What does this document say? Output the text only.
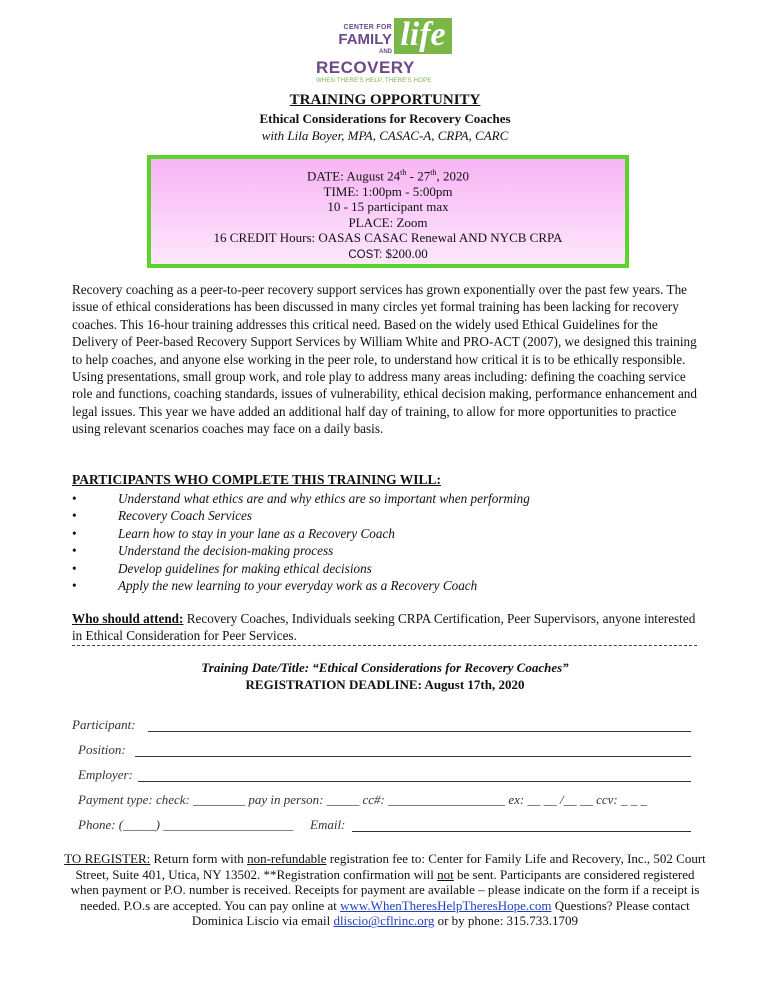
CENTER FOR
FAMILY
AND life
RECOVERY
WHEN THERE'S HELP, THERE'S HOPE
TRAINING OPPORTUNITY
Ethical Considerations for Recovery Coaches
with Lila Boyer, MPA, CASAC-A, CRPA, CARC
DATE: August 24th - 27th, 2020
TIME: 1:00pm - 5:00pm
10 - 15 participant max
PLACE: Zoom
16 CREDIT Hours: OASAS CASAC Renewal AND NYCB CRPA
COST: $200.00
Recovery coaching as a peer-to-peer recovery support services has grown exponentially over the past few years. The issue of ethical considerations has been discussed in many circles yet formal training has been lacking for recovery coaches. This 16-hour training addresses this critical need. Based on the widely used Ethical Guidelines for the Delivery of Peer-based Recovery Support Services by William White and PRO-ACT (2007), we designed this training to help coaches, and anyone else working in the peer role, to understand how critical it is to be ethically responsible. Using presentations, small group work, and role play to address many areas including: defining the coaching service role and functions, coaching standards, issues of vulnerability, ethical decision making, performance enhancement and legal issues. This year we have added an additional half day of training, to allow for more opportunities to practice using relevant scenarios coaches may face on a daily basis.
PARTICIPANTS WHO COMPLETE THIS TRAINING WILL:
•	Understand what ethics are and why ethics are so important when performing
•	Recovery Coach Services
•	Learn how to stay in your lane as a Recovery Coach
•	Understand the decision-making process
•	Develop guidelines for making ethical decisions
•	Apply the new learning to your everyday work as a Recovery Coach
Who should attend: Recovery Coaches, Individuals seeking CRPA Certification, Peer Supervisors, anyone interested in Ethical Consideration for Peer Services.
Training Date/Title: “Ethical Considerations for Recovery Coaches”
REGISTRATION DEADLINE: August 17th, 2020
Participant:
Position:
Employer:
Payment type: check: ________ pay in person: _____ cc#: __________________ ex: __ __ /__ __ ccv: _ _ _
Phone: (_____) ____________________ Email:
TO REGISTER: Return form with non-refundable registration fee to: Center for Family Life and Recovery, Inc., 502 Court Street, Suite 401, Utica, NY 13502. **Registration confirmation will not be sent. Participants are considered registered when payment or P.O. number is received. Receipts for payment are available – please indicate on the form if a receipt is needed. P.O.s are accepted. You can pay online at www.WhenTheresHelpTheresHope.com Questions? Please contact Dominica Liscio via email dliscio@cflrinc.org or by phone: 315.733.1709
